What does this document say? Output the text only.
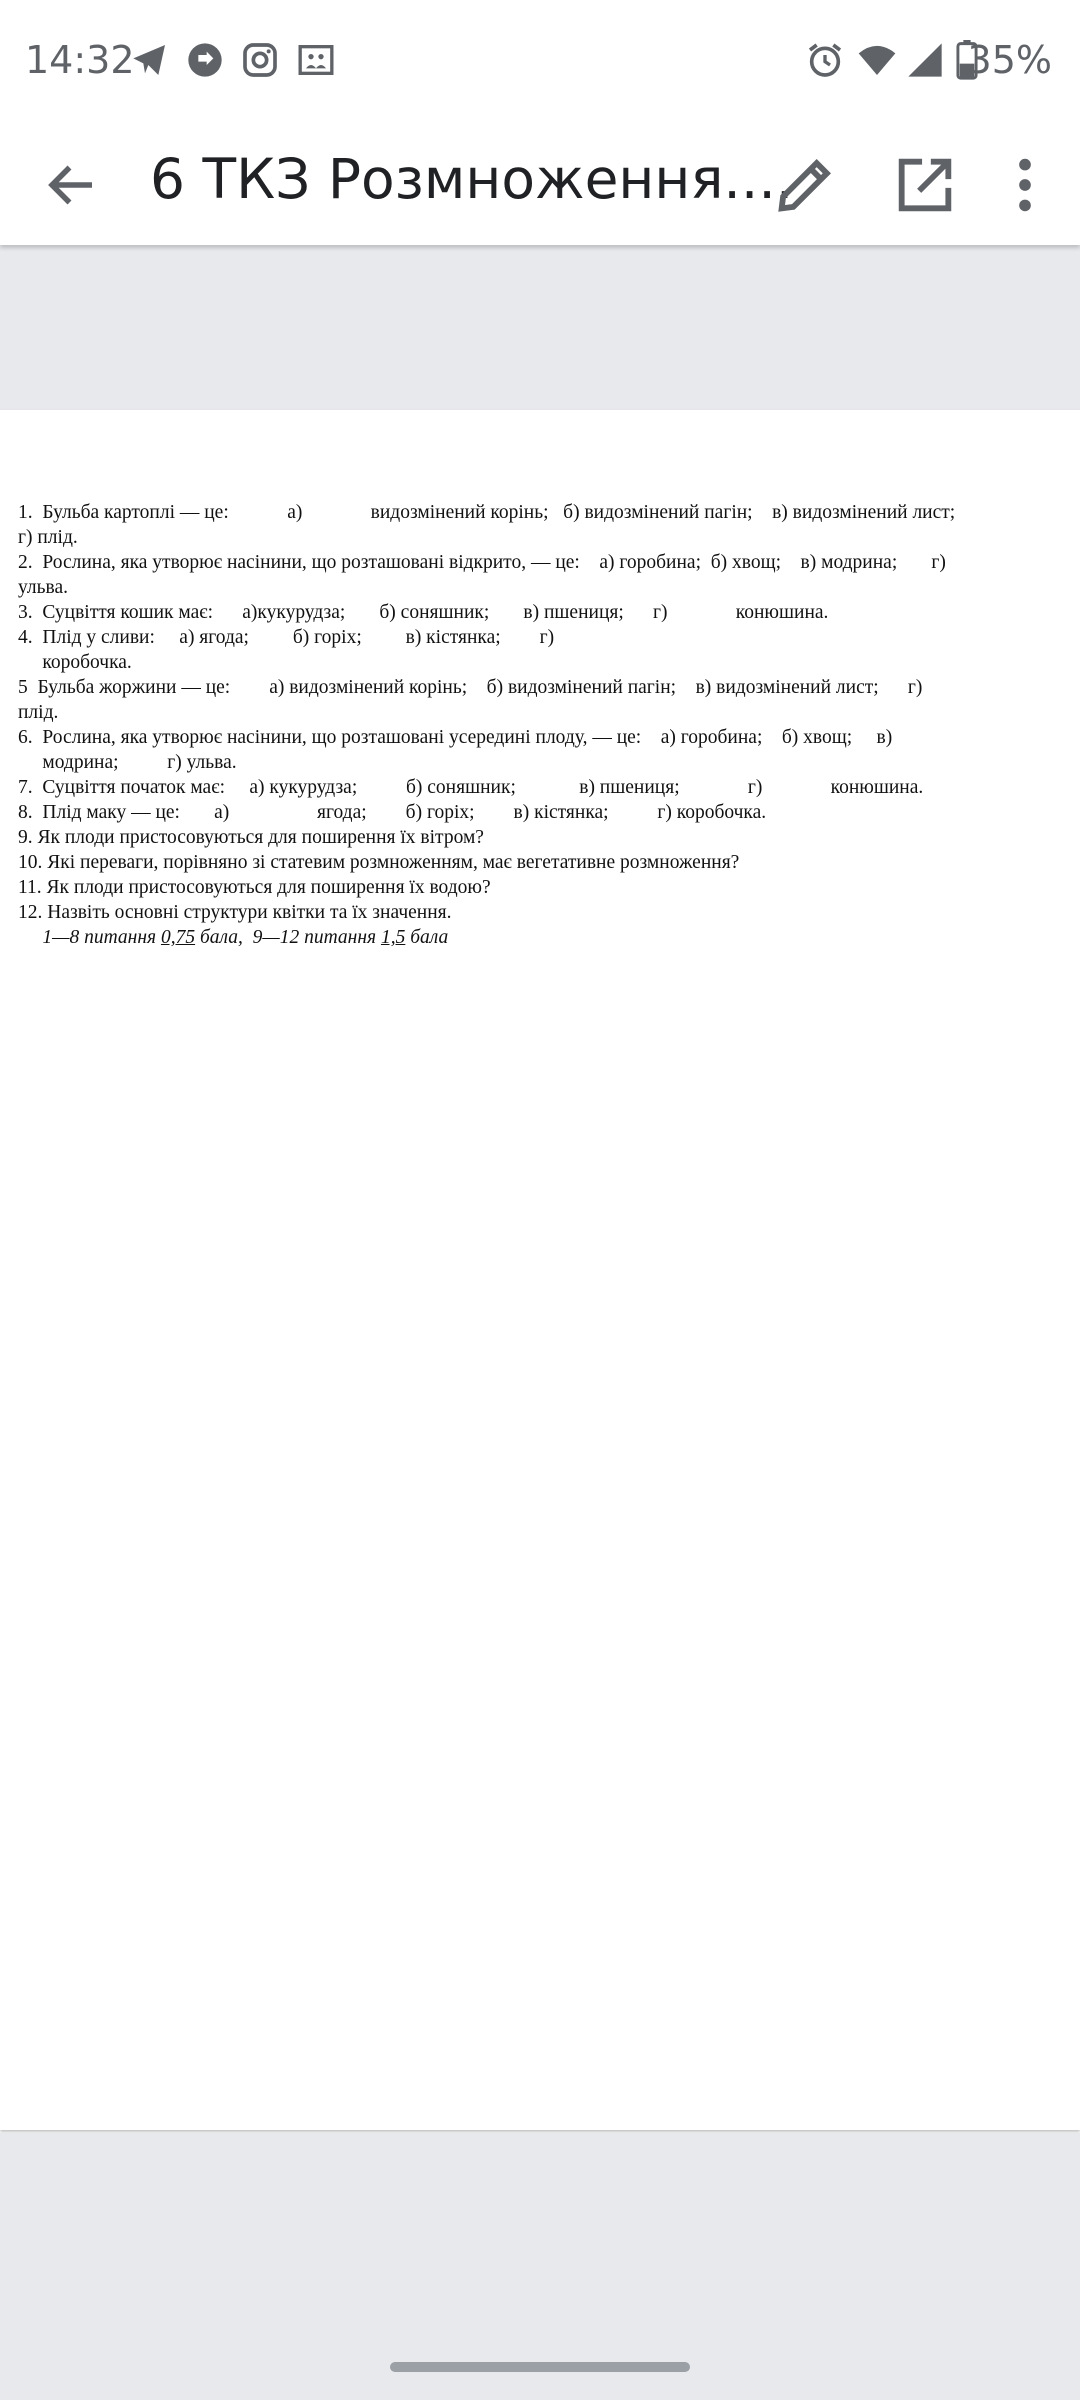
14:32	35%
6 ТКЗ Розмноження....
1.  Бульба картоплі — це:            а)              видозмінений корінь;   б) видозмінений пагін;    в) видозмінений лист;
г) плід.
2.  Рослина, яка утворює насінини, що розташовані відкрито, — це:    а) горобина;  б) хвощ;    в) модрина;       г)
ульва.
3.  Суцвіття кошик має:      а)кукурудза;       б) соняшник;       в) пшениця;      г)              конюшина.
4.  Плід у сливи:     а) ягода;         б) горіх;         в) кістянка;        г)
коробочка.
5  Бульба жоржини — це:        а) видозмінений корінь;    б) видозмінений пагін;    в) видозмінений лист;      г)
плід.
6.  Рослина, яка утворює насінини, що розташовані усередині плоду, — це:    а) горобина;    б) хвощ;     в)
модрина;          г) ульва.
7.  Суцвіття початок має:     а) кукурудза;          б) соняшник;             в) пшениця;              г)              конюшина.
8.  Плід маку — це:       а)                  ягода;        б) горіх;        в) кістянка;          г) коробочка.
9. Як плоди пристосовуються для поширення їх вітром?
10. Які переваги, порівняно зі статевим розмноженням, має вегетативне розмноження?
11. Як плоди пристосовуються для поширення їх водою?
12. Назвіть основні структури квітки та їх значення.
1—8 питання 0,75 бала,  9—12 питання 1,5 бала
